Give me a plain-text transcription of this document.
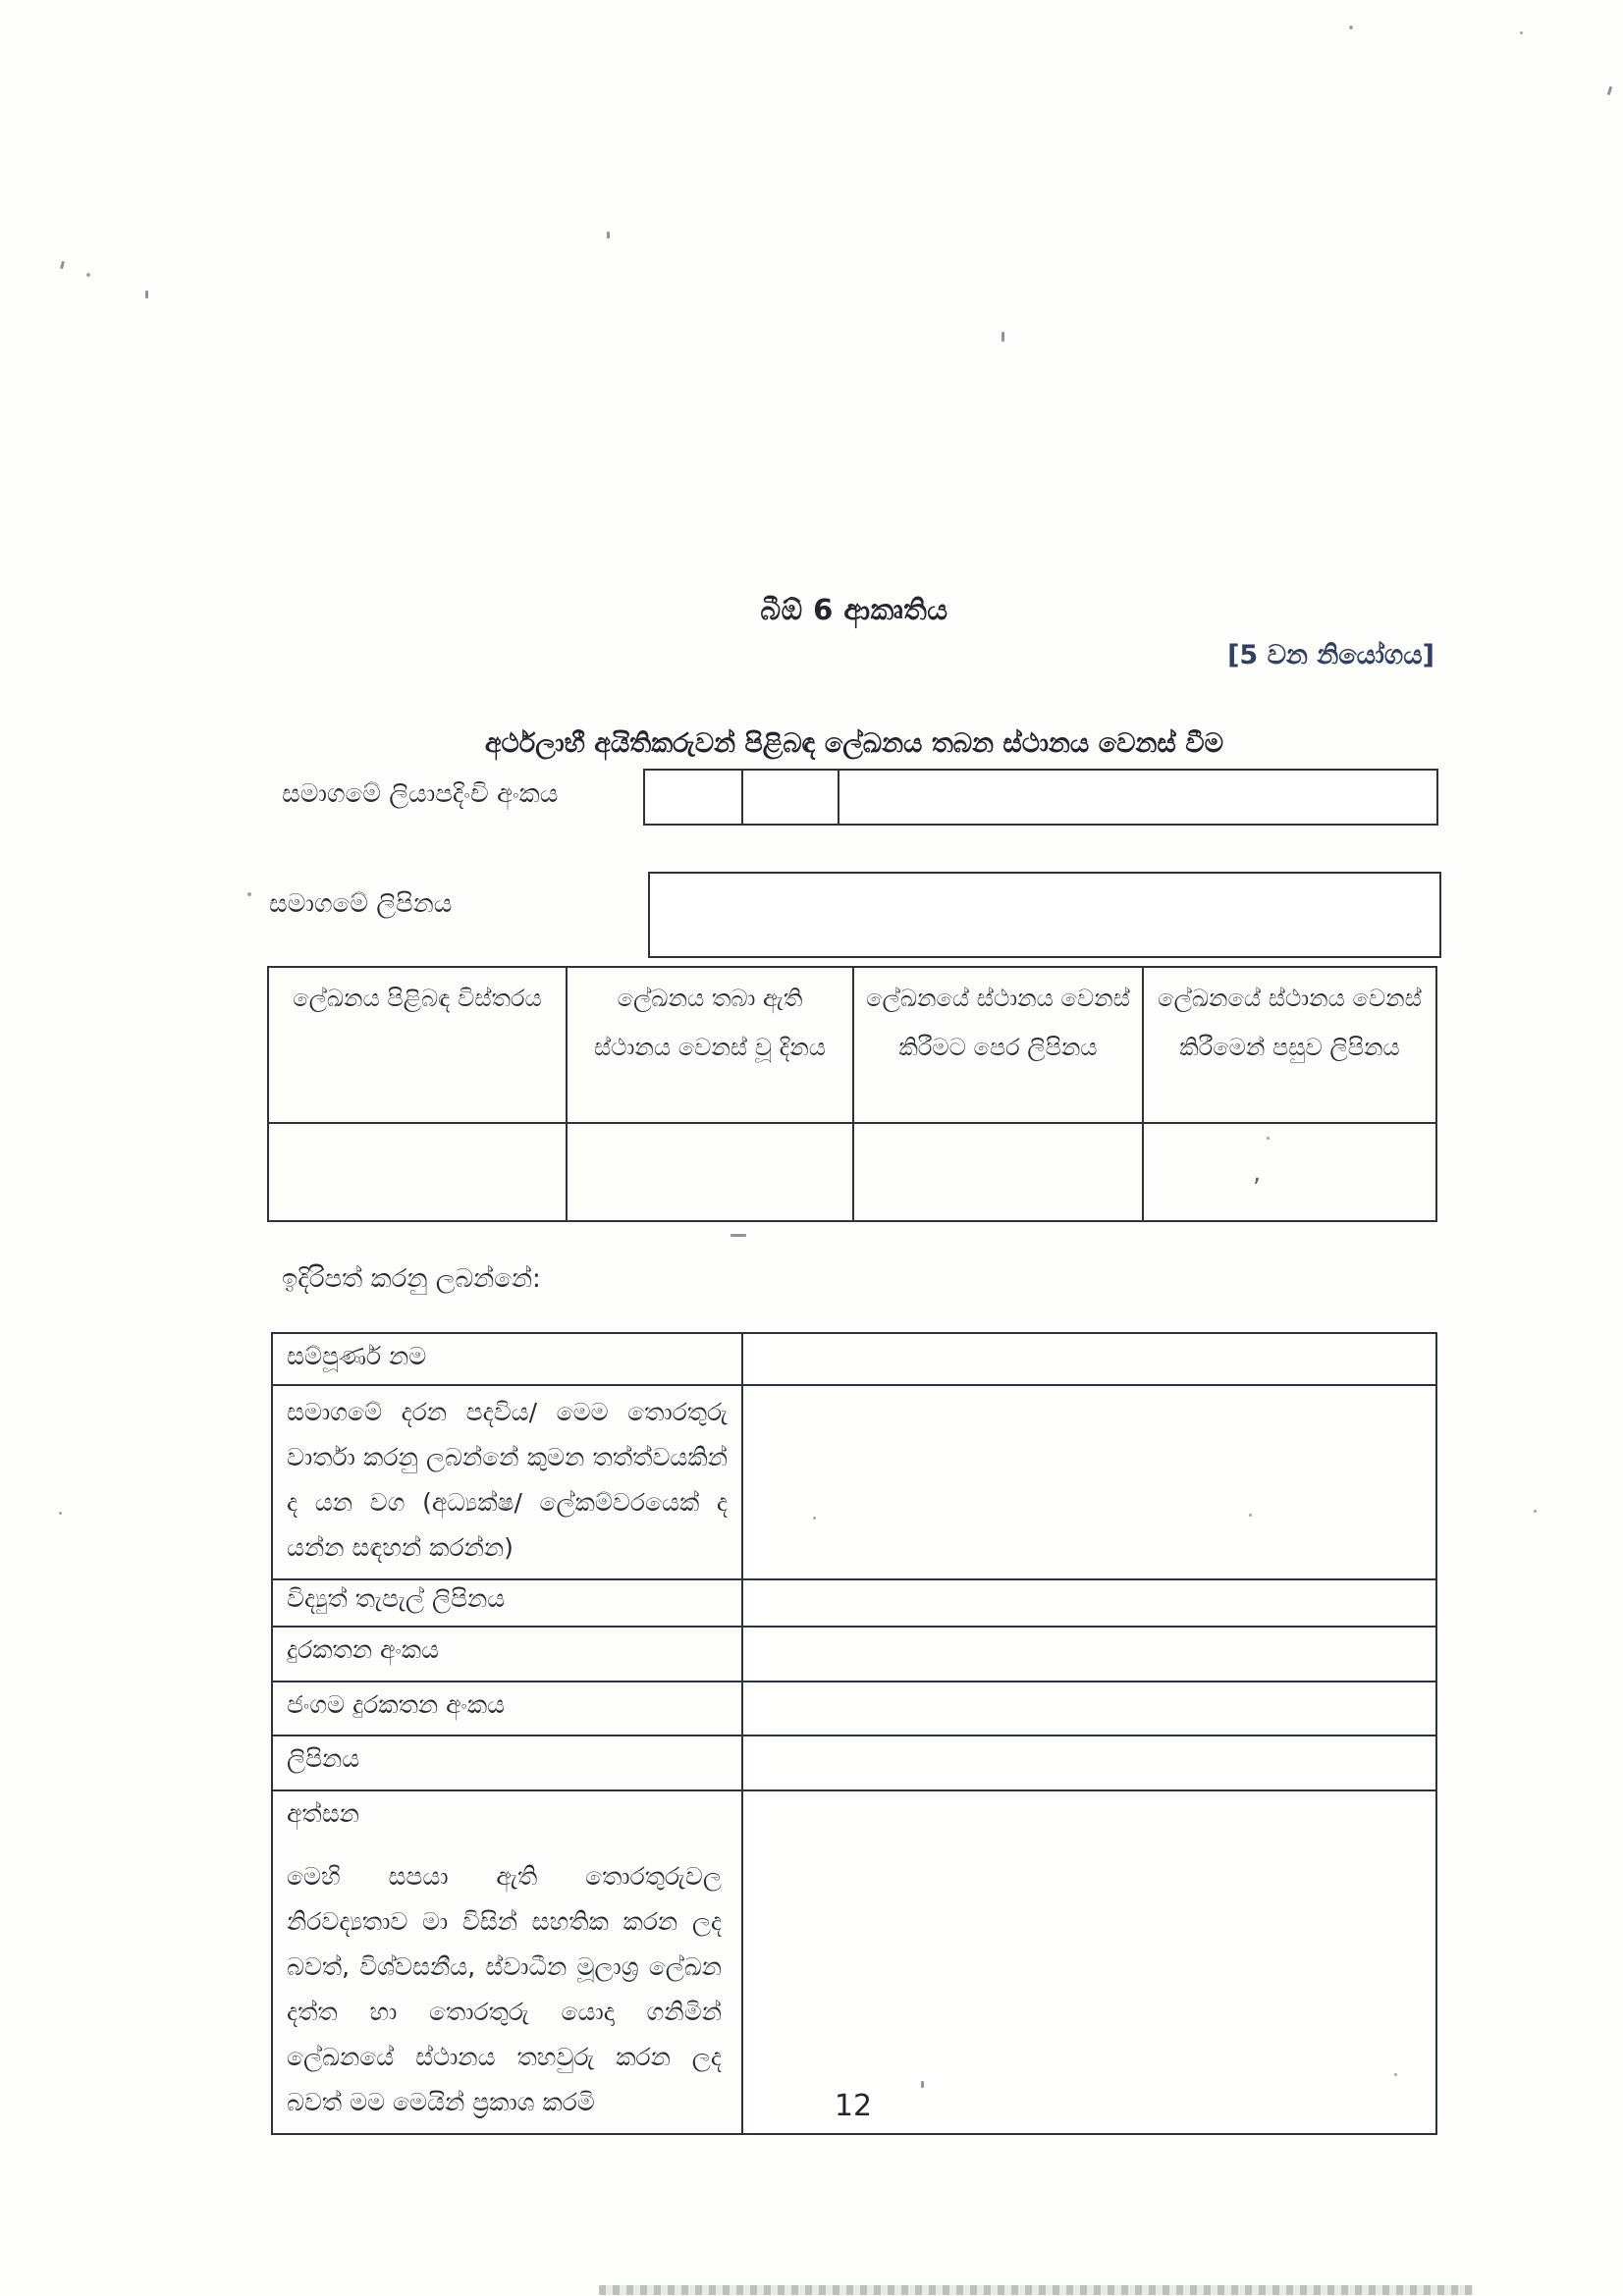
බීඕ 6 ආකෘතිය
[5 වන නියෝගය]
අර්ථලාභී අයිතිකරුවන් පිළිබඳ ලේඛනය තබන ස්ථානය වෙනස් වීම
සමාගමේ ලියාපදිංචි අංකය
සමාගමේ ලිපිනය
ලේඛනය පිළිබඳ විස්තරය	ලේඛනය තබා ඇති ස්ථානය වෙනස් වූ දිනය	ලේඛනයේ ස්ථානය වෙනස් කිරීමට පෙර ලිපිනය	ලේඛනයේ ස්ථානය වෙනස් කිරීමෙන් පසුව ලිපිනය

ඉදිරිපත් කරනු ලබන්නේ:
සම්පූර්ණ නම	
සමාගමේ දරන පදවිය/ මෙම තොරතුරු වාර්තා කරනු ලබන්නේ කුමන තත්ත්වයකින් ද යන වග (අධ්‍යක්ෂ/ ලේකම්වරයෙක් ද යන්න සඳහන් කරන්න)	
විද්‍යුත් තැපැල් ලිපිනය	
දුරකතන අංකය	
ජංගම දුරකතන අංකය	
ලිපිනය	

අත්සන
මෙහි සපයා ඇති තොරතුරුවල නිරවද්‍යතාව මා විසින් සහතික කරන ලද බවත්, විශ්වසනීය, ස්වාධීන මූලාශ්‍ර ලේඛන දත්ත හා තොරතුරු යොදා ගනිමින් ලේඛනයේ ස්ථානය තහවුරු කරන ලද බවත් මම මෙයින් ප්‍රකාශ කරමි	
		12
,
